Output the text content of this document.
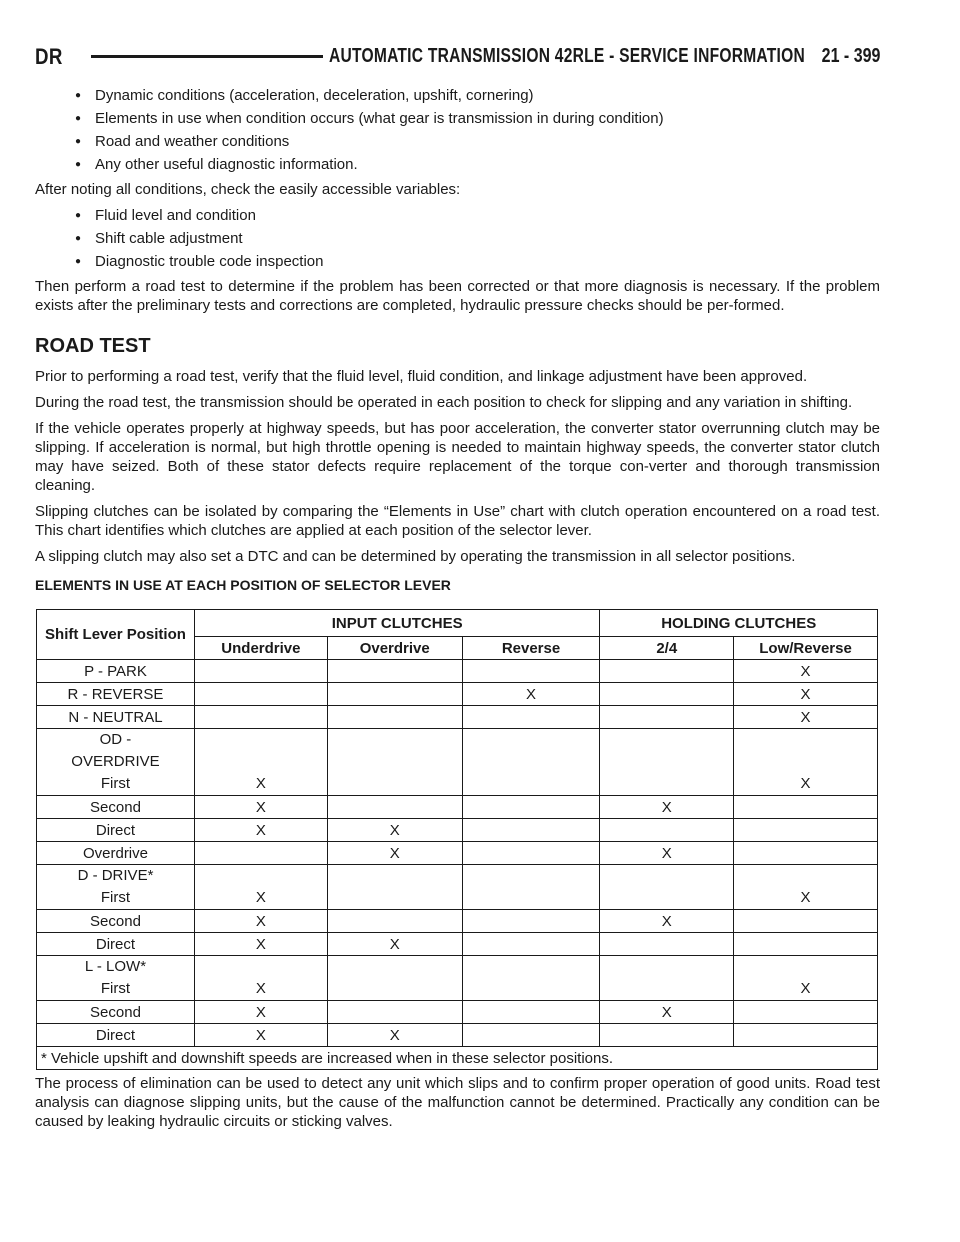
DR	AUTOMATIC TRANSMISSION 42RLE - SERVICE INFORMATION 21 - 399
● Dynamic conditions (acceleration, deceleration, upshift, cornering)
● Elements in use when condition occurs (what gear is transmission in during condition)
● Road and weather conditions
● Any other useful diagnostic information.

After noting all conditions, check the easily accessible variables:

● Fluid level and condition
● Shift cable adjustment
● Diagnostic trouble code inspection

Then perform a road test to determine if the problem has been corrected or that more diagnosis is necessary. If the problem exists after the preliminary tests and corrections are completed, hydraulic pressure checks should be per-formed.

ROAD TEST

Prior to performing a road test, verify that the fluid level, fluid condition, and linkage adjustment have been approved.

During the road test, the transmission should be operated in each position to check for slipping and any variation in shifting.

If the vehicle operates properly at highway speeds, but has poor acceleration, the converter stator overrunning clutch may be slipping. If acceleration is normal, but high throttle opening is needed to maintain highway speeds, the converter stator clutch may have seized. Both of these stator defects require replacement of the torque con-verter and thorough transmission cleaning.

Slipping clutches can be isolated by comparing the “Elements in Use” chart with clutch operation encountered on a road test. This chart identifies which clutches are applied at each position of the selector lever.

A slipping clutch may also set a DTC and can be determined by operating the transmission in all selector positions.

ELEMENTS IN USE AT EACH POSITION OF SELECTOR LEVER
Shift Lever Position	INPUT CLUTCHES			HOLDING CLUTCHES	
	Underdrive	Overdrive	Reverse	2/4	Low/Reverse
P - PARK					X
R - REVERSE			X		X
N - NEUTRAL					X

OD - OVERDRIVE
First	X				X
Second	X			X	
Direct	X	X			
Overdrive		X		X	

D - DRIVE*
First	X				X
Second	X			X	
Direct	X	X			

L - LOW*
First	X				X
Second	X			X	
Direct	X	X			
* Vehicle upshift and downshift speeds are increased when in these selector positions.					

The process of elimination can be used to detect any unit which slips and to confirm proper operation of good units. Road test analysis can diagnose slipping units, but the cause of the malfunction cannot be determined. Practically any condition can be caused by leaking hydraulic circuits or sticking valves.
